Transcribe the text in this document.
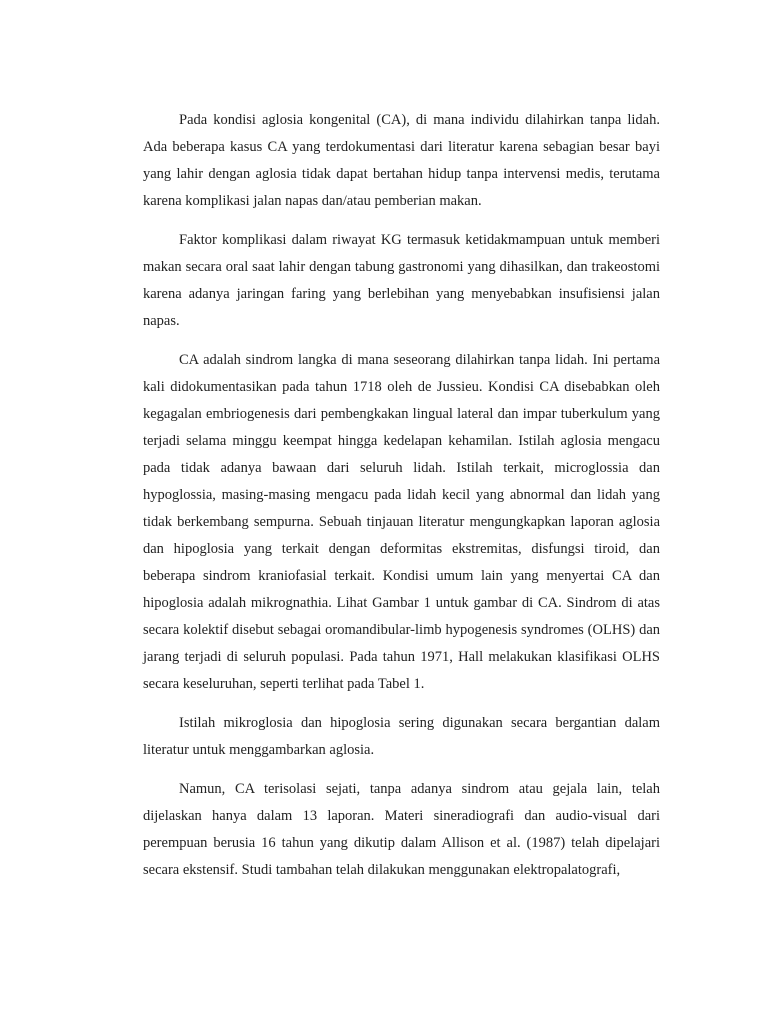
Pada kondisi aglosia kongenital (CA), di mana individu dilahirkan tanpa lidah. Ada beberapa kasus CA yang terdokumentasi dari literatur karena sebagian besar bayi yang lahir dengan aglosia tidak dapat bertahan hidup tanpa intervensi medis, terutama karena komplikasi jalan napas dan/atau pemberian makan.

Faktor komplikasi dalam riwayat KG termasuk ketidakmampuan untuk memberi makan secara oral saat lahir dengan tabung gastronomi yang dihasilkan, dan trakeostomi karena adanya jaringan faring yang berlebihan yang menyebabkan insufisiensi jalan napas.

CA adalah sindrom langka di mana seseorang dilahirkan tanpa lidah. Ini pertama kali didokumentasikan pada tahun 1718 oleh de Jussieu. Kondisi CA disebabkan oleh kegagalan embriogenesis dari pembengkakan lingual lateral dan impar tuberkulum yang terjadi selama minggu keempat hingga kedelapan kehamilan. Istilah aglosia mengacu pada tidak adanya bawaan dari seluruh lidah. Istilah terkait, microglossia dan hypoglossia, masing-masing mengacu pada lidah kecil yang abnormal dan lidah yang tidak berkembang sempurna. Sebuah tinjauan literatur mengungkapkan laporan aglosia dan hipoglosia yang terkait dengan deformitas ekstremitas, disfungsi tiroid, dan beberapa sindrom kraniofasial terkait. Kondisi umum lain yang menyertai CA dan hipoglosia adalah mikrognathia. Lihat Gambar 1 untuk gambar di CA. Sindrom di atas secara kolektif disebut sebagai oromandibular-limb hypogenesis syndromes (OLHS) dan jarang terjadi di seluruh populasi. Pada tahun 1971, Hall melakukan klasifikasi OLHS secara keseluruhan, seperti terlihat pada Tabel 1.

Istilah mikroglosia dan hipoglosia sering digunakan secara bergantian dalam literatur untuk menggambarkan aglosia.

Namun, CA terisolasi sejati, tanpa adanya sindrom atau gejala lain, telah dijelaskan hanya dalam 13 laporan. Materi sineradiografi dan audio-visual dari perempuan berusia 16 tahun yang dikutip dalam Allison et al. (1987) telah dipelajari secara ekstensif. Studi tambahan telah dilakukan menggunakan elektropalatografi,
